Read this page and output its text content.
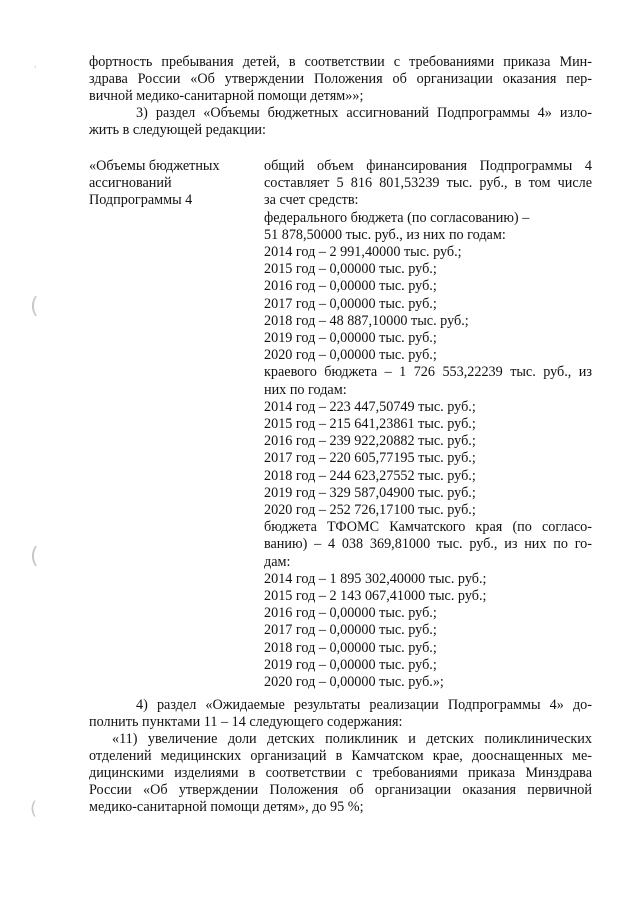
'
(
(
(
фортность пребывания детей, в соответствии с требованиями приказа Мин-
здрава России «Об утверждении Положения об организации оказания пер-
вичной медико-санитарной помощи детям»»;
3) раздел «Объемы бюджетных ассигнований Подпрограммы 4» изло-
жить в следующей редакции:
«Объемы бюджетных
ассигнований
Подпрограммы 4
общий объем финансирования Подпрограммы 4
составляет 5 816 801,53239 тыс. руб., в том числе
за счет средств:
федерального бюджета (по согласованию) –
51 878,50000 тыс. руб., из них по годам:
2014 год – 2 991,40000 тыс. руб.;
2015 год – 0,00000 тыс. руб.;
2016 год – 0,00000 тыс. руб.;
2017 год – 0,00000 тыс. руб.;
2018 год – 48 887,10000 тыс. руб.;
2019 год – 0,00000 тыс. руб.;
2020 год – 0,00000 тыс. руб.;
краевого бюджета – 1 726 553,22239 тыс. руб., из
них по годам:
2014 год – 223 447,50749 тыс. руб.;
2015 год – 215 641,23861 тыс. руб.;
2016 год – 239 922,20882 тыс. руб.;
2017 год – 220 605,77195 тыс. руб.;
2018 год – 244 623,27552 тыс. руб.;
2019 год – 329 587,04900 тыс. руб.;
2020 год – 252 726,17100 тыс. руб.;
бюджета ТФОМС Камчатского края (по согласо-
ванию) – 4 038 369,81000 тыс. руб., из них по го-
дам:
2014 год – 1 895 302,40000 тыс. руб.;
2015 год – 2 143 067,41000 тыс. руб.;
2016 год – 0,00000 тыс. руб.;
2017 год – 0,00000 тыс. руб.;
2018 год – 0,00000 тыс. руб.;
2019 год – 0,00000 тыс. руб.;
2020 год – 0,00000 тыс. руб.»;
4) раздел «Ожидаемые результаты реализации Подпрограммы 4» до-
полнить пунктами 11 – 14 следующего содержания:
«11) увеличение доли детских поликлиник и детских поликлинических
отделений медицинских организаций в Камчатском крае, дооснащенных ме-
дицинскими изделиями в соответствии с требованиями приказа Минздрава
России «Об утверждении Положения об организации оказания первичной
медико-санитарной помощи детям», до 95 %;
